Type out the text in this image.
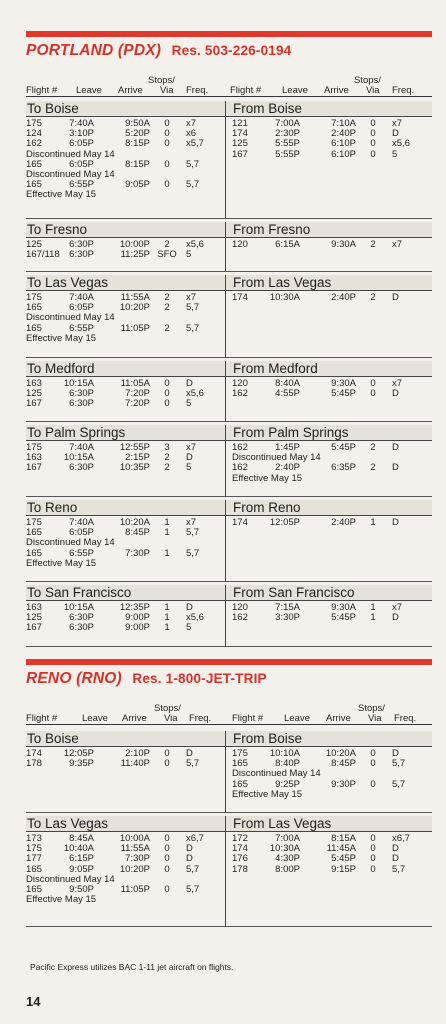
PORTLAND (PDX) Res. 503-226-0194
Stops/
Flight # Leave Arrive Via Freq.
Stops/
Flight # Leave Arrive Via Freq.
To Boise
175	7:40A	9:50A	0	x7
124	3:10P	5:20P	0	x6
162	6:05P	8:15P	0	x5,7
Discontinued May 14
165	6:05P	8:15P	0	5,7
Discontinued May 14
165	6:55P	9:05P	0	5,7
Effective May 15
From Boise
121	7:00A	7:10A	0	x7
174	2:30P	2:40P	0	D
125	5:55P	6:10P	0	x5,6
167	5:55P	6:10P	0	5
To Fresno
125	6:30P	10:00P	2	x5,6
167/118 6:30P	11:25P SFO 5
From Fresno
120	6:15A	9:30A	2	x7
To Las Vegas
175	7:40A	11:55A	2	x7
165	6:05P	10:20P	2	5,7
Discontinued May 14
165	6:55P	11:05P	2	5,7
Effective May 15
From Las Vegas
174 10:30A	2:40P	2	D
To Medford
163 10:15A	11:05A	0	D
125	6:30P	7:20P	0	x5,6
167	6:30P	7:20P	0	5
From Medford
120	8:40A	9:30A	0	x7
162	4:55P	5:45P	0	D
To Palm Springs
175	7:40A	12:55P	3	x7
163 10:15A	2:15P	2	D
167	6:30P	10:35P	2	5
From Palm Springs
162	1:45P	5:45P	2	D
Discontinued May 14
162	2:40P	6:35P	2	D
Effective May 15
To Reno
175	7:40A	10:20A	1	x7
165	6:05P	8:45P	1	5,7
Discontinued May 14
165	6:55P	7:30P	1	5,7
Effective May 15
From Reno
174 12:05P	2:40P	1	D
To San Francisco
163 10:15A	12:35P	1	D
125	6:30P	9:00P	1	x5,6
167	6:30P	9:00P	1	5
From San Francisco
120	7:15A	9:30A	1	x7
162	3:30P	5:45P	1	D
RENO (RNO) Res. 1-800-JET-TRIP
Stops/
Flight #	Leave Arrive Via Freq.
Stops/
Flight # Leave Arrive Via Freq.
To Boise
174 12:05P	2:10P	0	D
178	9:35P	11:40P	0	5,7
From Boise
175 10:10A	10:20A	0	D
165	8:40P	8:45P	0	5,7
Discontinued May 14
165	9:25P	9:30P	0	5,7
Effective May 15
To Las Vegas
173	8:45A	10:00A	0	x6,7
175 10:40A	11:55A	0	D
177	6:15P	7:30P	0	D
165	9:05P	10:20P	0	5,7
Discontinued May 14
165	9:50P	11:05P	0	5,7
Effective May 15
From Las Vegas
172	7:00A	8:15A	0	x6,7
174 10:30A	11:45A	0	D
176	4:30P	5:45P	0	D
178	8:00P	9:15P	0	5,7
Pacific Express utilizes BAC 1-11 jet aircraft on flights.
14
